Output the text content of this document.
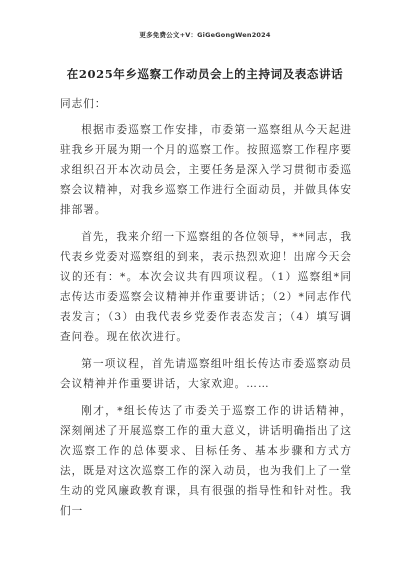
更多免费公文+V：GiGeGongWen2024
在2025年乡巡察工作动员会上的主持词及表态讲话

同志们：

根据市委巡察工作安排，市委第一巡察组从今天起进驻我乡开展为期一个月的巡察工作。按照巡察工作程序要求组织召开本次动员会，主要任务是深入学习贯彻市委巡察会议精神，对我乡巡察工作进行全面动员，并做具体安排部署。

首先，我来介绍一下巡察组的各位领导，**同志，我代表乡党委对巡察组的到来，表示热烈欢迎！出席今天会议的还有：*。本次会议共有四项议程。（1）巡察组*同志传达市委巡察会议精神并作重要讲话；（2）*同志作代表发言；（3）由我代表乡党委作表态发言；（4）填写调查问卷。现在依次进行。

第一项议程，首先请巡察组叶组长传达市委巡察动员会议精神并作重要讲话，大家欢迎。……

刚才，*组长传达了市委关于巡察工作的讲话精神，深刻阐述了开展巡察工作的重大意义，讲话明确指出了这次巡察工作的总体要求、目标任务、基本步骤和方式方法，既是对这次巡察工作的深入动员，也为我们上了一堂生动的党风廉政教育课，具有很强的指导性和针对性。我们一
